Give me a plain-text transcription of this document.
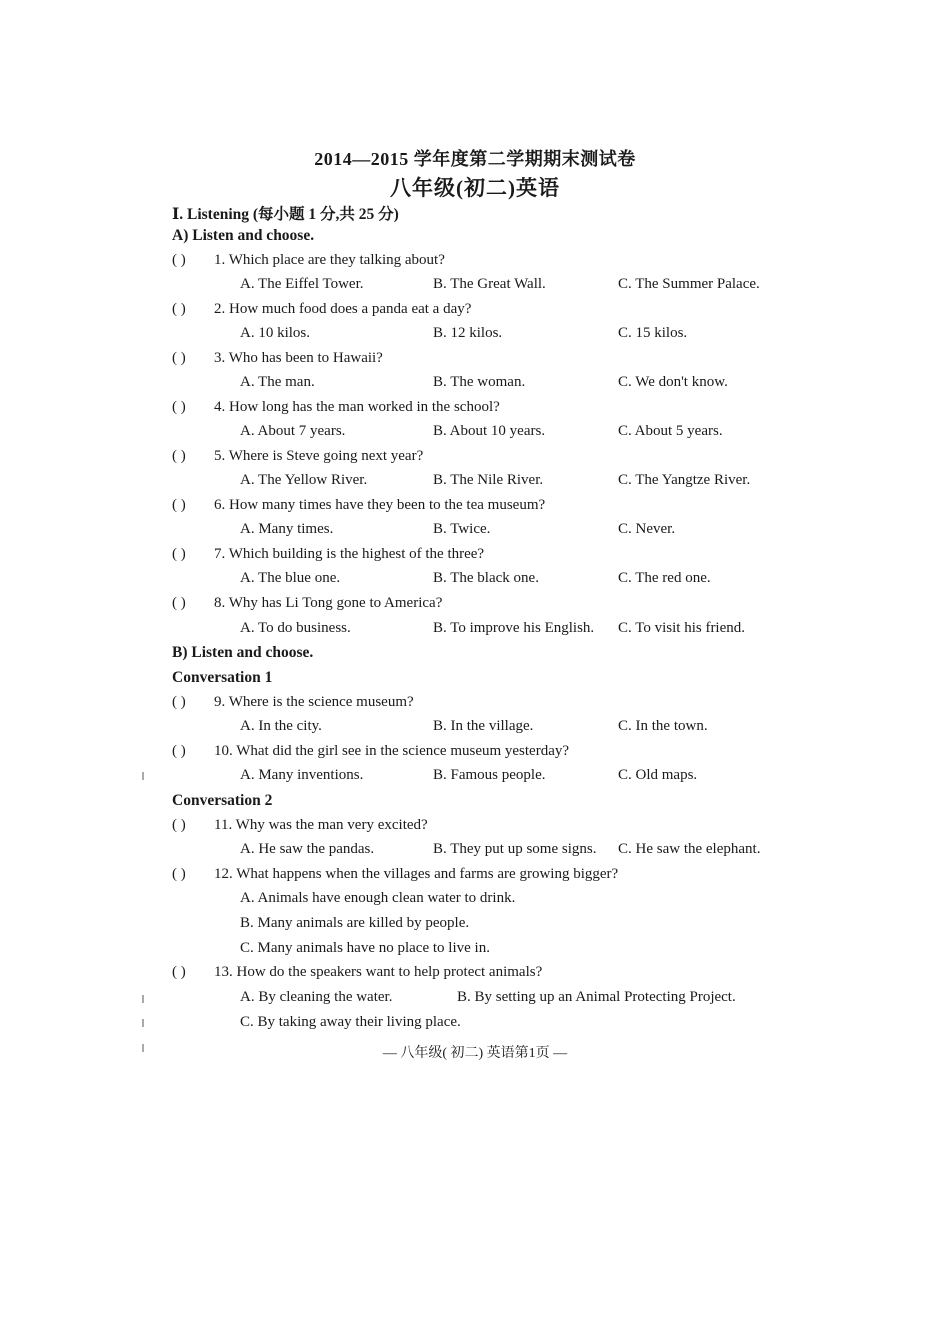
2014—2015 学年度第二学期期末测试卷
八年级(初二)英语
Ⅰ. Listening (每小题 1 分,共 25 分)
A) Listen and choose.
( ) 1. Which place are they talking about?
A. The Eiffel Tower.	B. The Great Wall.	C. The Summer Palace.
( ) 2. How much food does a panda eat a day?
A. 10 kilos.	B. 12 kilos.	C. 15 kilos.
( ) 3. Who has been to Hawaii?
A. The man.	B. The woman.	C. We don't know.
( ) 4. How long has the man worked in the school?
A. About 7 years.	B. About 10 years.	C. About 5 years.
( ) 5. Where is Steve going next year?
A. The Yellow River.	B. The Nile River.	C. The Yangtze River.
( ) 6. How many times have they been to the tea museum?
A. Many times.	B. Twice.	C. Never.
( ) 7. Which building is the highest of the three?
A. The blue one.	B. The black one.	C. The red one.
( ) 8. Why has Li Tong gone to America?
A. To do business.	B. To improve his English. C. To visit his friend.
B) Listen and choose.
Conversation 1
( ) 9. Where is the science museum?
A. In the city.	B. In the village.	C. In the town.
( ) 10. What did the girl see in the science museum yesterday?
A. Many inventions.	B. Famous people.	C. Old maps.
Conversation 2
( ) 11. Why was the man very excited?
A. He saw the pandas.	B. They put up some signs. C. He saw the elephant.
( ) 12. What happens when the villages and farms are growing bigger?
A. Animals have enough clean water to drink.
B. Many animals are killed by people.
C. Many animals have no place to live in.
( ) 13. How do the speakers want to help protect animals?
A. By cleaning the water.	B. By setting up an Animal Protecting Project.
C. By taking away their living place.
— 八年级( 初二) 英语第1页 —
